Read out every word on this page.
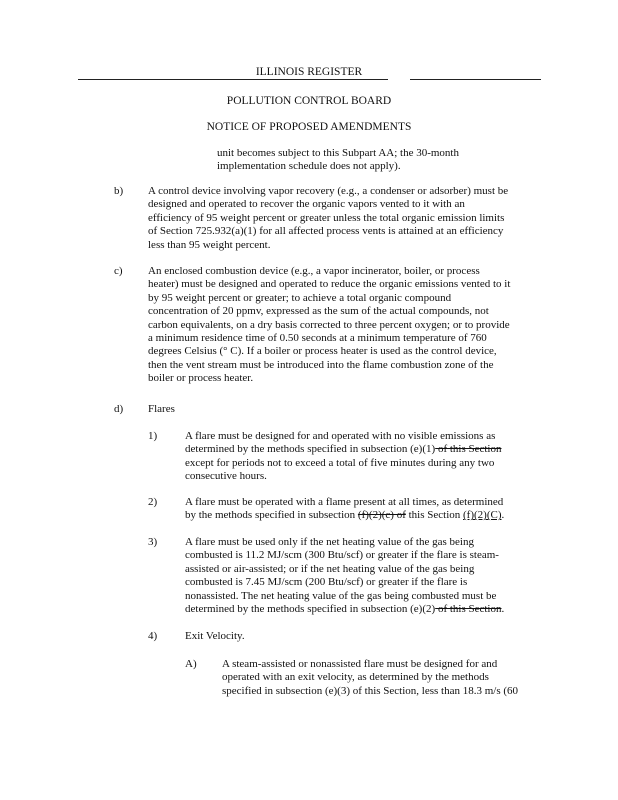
ILLINOIS REGISTER
POLLUTION CONTROL BOARD
NOTICE OF PROPOSED AMENDMENTS
unit becomes subject to this Subpart AA; the 30-month
implementation schedule does not apply).
b) A control device involving vapor recovery (e.g., a condenser or adsorber) must be
designed and operated to recover the organic vapors vented to it with an
efficiency of 95 weight percent or greater unless the total organic emission limits
of Section 725.932(a)(1) for all affected process vents is attained at an efficiency
less than 95 weight percent.
c) An enclosed combustion device (e.g., a vapor incinerator, boiler, or process
heater) must be designed and operated to reduce the organic emissions vented to it
by 95 weight percent or greater; to achieve a total organic compound
concentration of 20 ppmv, expressed as the sum of the actual compounds, not
carbon equivalents, on a dry basis corrected to three percent oxygen; or to provide
a minimum residence time of 0.50 seconds at a minimum temperature of 760
degrees Celsius (° C). If a boiler or process heater is used as the control device,
then the vent stream must be introduced into the flame combustion zone of the
boiler or process heater.
d) Flares
1)	A flare must be designed for and operated with no visible emissions as
determined by the methods specified in subsection (e)(1) of this Section
except for periods not to exceed a total of five minutes during any two
consecutive hours.
2)	A flare must be operated with a flame present at all times, as determined
by the methods specified in subsection (f)(2)(c) of this Section (f)(2)(C).
3)	A flare must be used only if the net heating value of the gas being
combusted is 11.2 MJ/scm (300 Btu/scf) or greater if the flare is steam-
assisted or air-assisted; or if the net heating value of the gas being
combusted is 7.45 MJ/scm (200 Btu/scf) or greater if the flare is
nonassisted. The net heating value of the gas being combusted must be
determined by the methods specified in subsection (e)(2) of this Section.
4)	Exit Velocity.
A) A steam-assisted or nonassisted flare must be designed for and
operated with an exit velocity, as determined by the methods
specified in subsection (e)(3) of this Section, less than 18.3 m/s (60
